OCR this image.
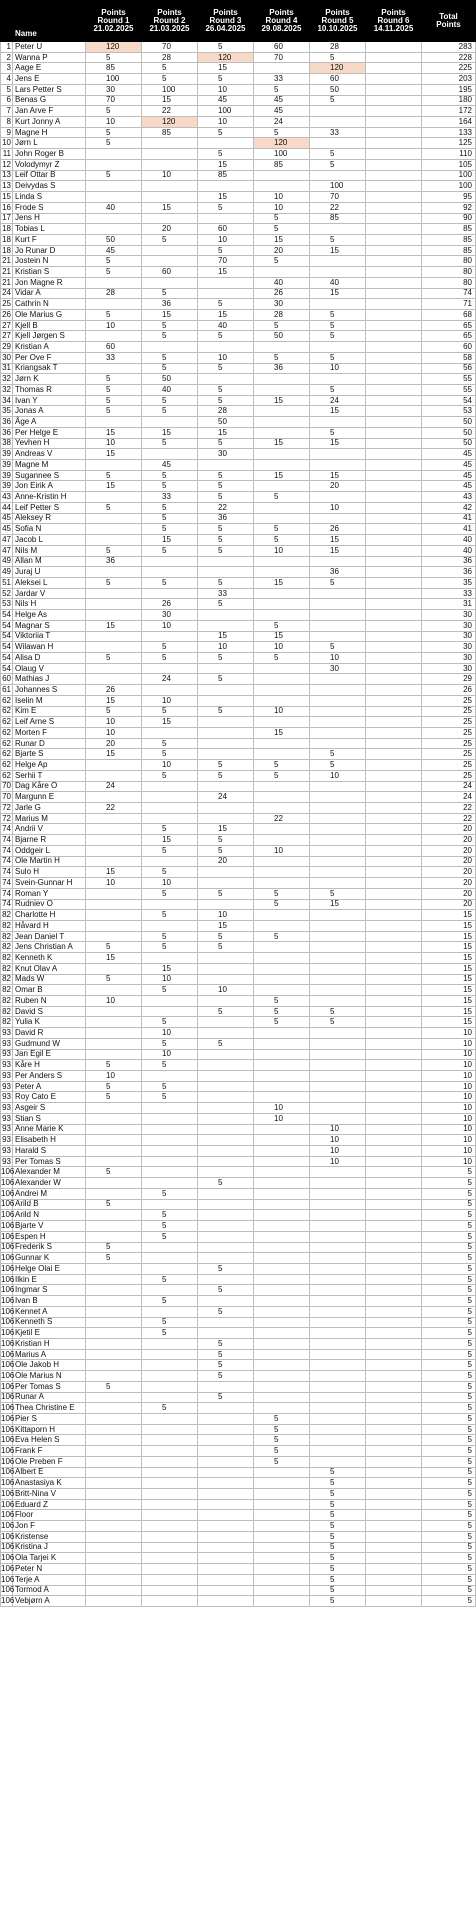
	Name	Points
Round 1
21.02.2025	Points
Round 2
21.03.2025	Points
Round 3
26.04.2025	Points
Round 4
29.08.2025	Points
Round 5
10.10.2025	Points
Round 6
14.11.2025	Total
Points
1	Peter U	120	70	5	60	28		283
2	Wanna P	5	28	120	70	5		228
3	Aage E	85	5	15		120		225
4	Jens E	100	5	5	33	60		203
5	Lars Petter S	30	100	10	5	50		195
6	Benas G	70	15	45	45	5		180
7	Jan Arve F	5	22	100	45			172
8	Kurt Jonny A	10	120	10	24			164
9	Magne H	5	85	5	5	33		133
10	Jørn L	5			120			125
11	John Roger B			5	100	5		110
12	Volodymyr Z			15	85	5		105
13	Leif Ottar B	5	10	85				100
13	Deivydas S					100		100
15	Linda S			15	10	70		95
16	Frode S	40	15	5	10	22		92
17	Jens H				5	85		90
18	Tobias L		20	60	5			85
18	Kurt F	50	5	10	15	5		85
18	Jo Runar D	45		5	20	15		85
21	Jostein N	5		70	5			80
21	Kristian S	5	60	15				80
21	Jon Magne R				40	40		80
24	Vidar A	28	5		26	15		74
25	Cathrin N		36	5	30			71
26	Ole Marius G	5	15	15	28	5		68
27	Kjell B	10	5	40	5	5		65
27	Kjell Jørgen S		5	5	50	5		65
29	Kristian A	60						60
30	Per Ove F	33	5	10	5	5		58
31	Kriangsak T		5	5	36	10		56
32	Jørn K	5	50					55
32	Thomas R	5	40	5		5		55
34	Ivan Y	5	5	5	15	24		54
35	Jonas A	5	5	28		15		53
36	Åge A			50				50
36	Per Helge E	15	15	15		5		50
38	Yevhen H	10	5	5	15	15		50
39	Andreas V	15		30				45
39	Magne M		45					45
39	Sugannee S	5	5	5	15	15		45
39	Jon Eirik A	15	5	5		20		45
43	Anne-Kristin H		33	5	5			43
44	Leif Petter S	5	5	22		10		42
45	Aleksey R		5	36				41
45	Sofia N		5	5	5	26		41
47	Jacob L		15	5	5	15		40
47	Nils M	5	5	5	10	15		40
49	Allan M	36						36
49	Juraj U					36		36
51	Aleksei L	5	5	5	15	5		35
52	Jardar V			33				33
53	Nils H		26	5				31
54	Helge As		30					30
54	Magnar S	15	10		5			30
54	Viktoriia T			15	15			30
54	Wilawan H		5	10	10	5		30
54	Alisa D	5	5	5	5	10		30
54	Olaug V					30		30
60	Mathias J		24	5				29
61	Johannes S	26						26
62	Iselin M	15	10					25
62	Kim E	5	5	5	10			25
62	Leif Arne S	10	15					25
62	Morten F	10			15			25
62	Runar D	20	5					25
62	Bjarte S	15	5			5		25
62	Helge Ap		10	5	5	5		25
62	Serhii T		5	5	5	10		25
70	Dag Kåre O	24						24
70	Margunn E			24				24
72	Jarle G	22						22
72	Marius M				22			22
74	Andrii V		5	15				20
74	Bjarne R		15	5				20
74	Oddgeir L		5	5	10			20
74	Ole Martin H			20				20
74	Sulo H	15	5					20
74	Svein-Gunnar H	10	10					20
74	Roman Y		5	5	5	5		20
74	Rudniev O				5	15		20
82	Charlotte H		5	10				15
82	Håvard H			15				15
82	Jean Daniel T		5	5	5			15
82	Jens Christian A	5	5	5				15
82	Kenneth K	15						15
82	Knut Olav A		15					15
82	Mads W	5	10					15
82	Omar B		5	10				15
82	Ruben N	10			5			15
82	David S			5	5	5		15
82	Yulia K		5		5	5		15
93	David R		10					10
93	Gudmund W		5	5				10
93	Jan Egil E		10					10
93	Kåre H	5	5					10
93	Per Anders S	10						10
93	Peter A	5	5					10
93	Roy Cato E	5	5					10
93	Asgeir S				10			10
93	Stian S				10			10
93	Anne Marie K					10		10
93	Elisabeth H					10		10
93	Harald S					10		10
93	Per Tomas S					10		10
106	Alexander M	5						5
106	Alexander W			5				5
106	Andrei M		5					5
106	Arild B	5						5
106	Arild N		5					5
106	Bjarte V		5					5
106	Espen H		5					5
106	Frederik S	5						5
106	Gunnar K	5						5
106	Helge Olai E			5				5
106	Ilkin E		5					5
106	Ingmar S			5				5
106	Ivan B		5					5
106	Kennet A			5				5
106	Kenneth S		5					5
106	Kjetil E		5					5
106	Kristian H			5				5
106	Marius A			5				5
106	Ole Jakob H			5				5
106	Ole Marius N			5				5
106	Per Tomas S	5						5
106	Runar A			5				5
106	Thea Christine E		5					5
106	Pier S				5			5
106	Kittaporn H				5			5
106	Eva Helen S				5			5
106	Frank F				5			5
106	Ole Preben F				5			5
106	Albert E					5		5
106	Anastasiya K					5		5
106	Britt-Nina V					5		5
106	Eduard Z					5		5
106	Floor					5		5
106	Jon F					5		5
106	Kristense					5		5
106	Kristina J					5		5
106	Ola Tarjei K					5		5
106	Peter N					5		5
106	Terje A					5		5
106	Tormod A					5		5
106	Vebjørn A					5		5
